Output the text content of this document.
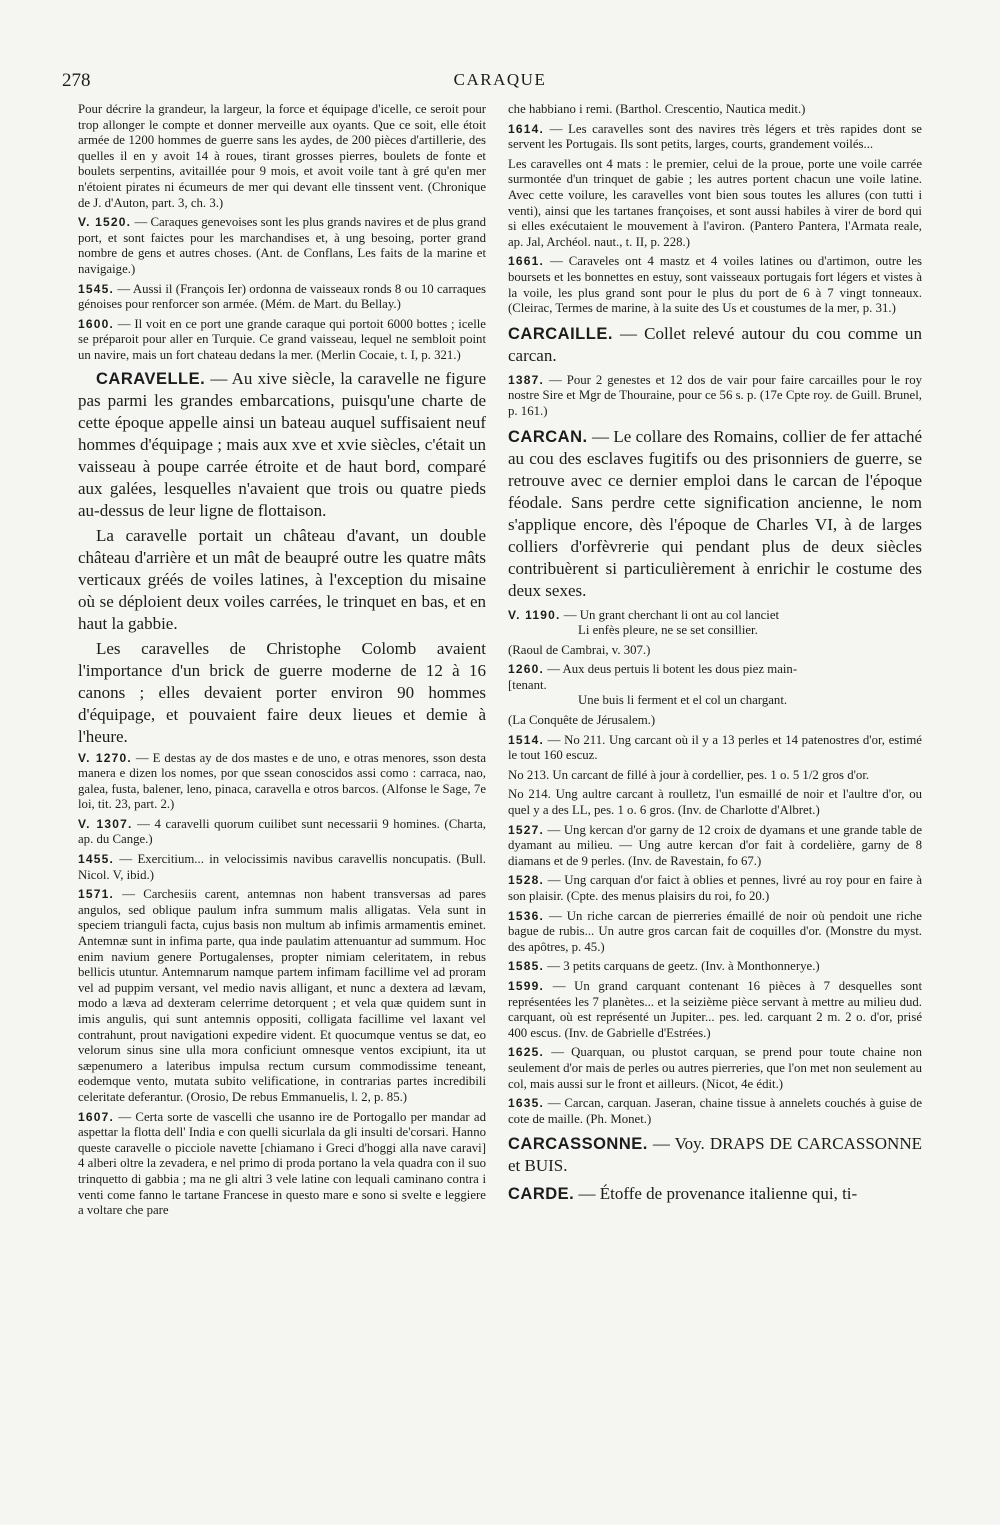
278	CARAQUE

Pour décrire la grandeur, la largeur, la force et équipage d'icelle, ce seroit pour trop allonger le compte et donner merveille aux oyants. Que ce soit, elle étoit armée de 1200 hommes de guerre sans les aydes, de 200 pièces d'artillerie, des quelles il en y avoit 14 à roues, tirant grosses pierres, boulets de fonte et boulets serpentins, avitaillée pour 9 mois, et avoit voile tant à gré qu'en mer n'étoient pirates ni écumeurs de mer qui devant elle tinssent vent. (Chronique de J. d'Auton, part. 3, ch. 3.)

V. 1520. — Caraques genevoises sont les plus grands navires et de plus grand port, et sont faictes pour les marchandises et, à ung besoing, porter grand nombre de gens et autres choses. (Ant. de Conflans, Les faits de la marine et navigaige.)

1545. — Aussi il (François Ier) ordonna de vaisseaux ronds 8 ou 10 carraques génoises pour renforcer son armée. (Mém. de Mart. du Bellay.)

1600. — Il voit en ce port une grande caraque qui portoit 6000 bottes ; icelle se préparoit pour aller en Turquie. Ce grand vaisseau, lequel ne sembloit point un navire, mais un fort chateau dedans la mer. (Merlin Cocaie, t. I, p. 321.)

CARAVELLE. — Au xive siècle, la caravelle ne figure pas parmi les grandes embarcations, puisqu'une charte de cette époque appelle ainsi un bateau auquel suffisaient neuf hommes d'équipage ; mais aux xve et xvie siècles, c'était un vaisseau à poupe carrée étroite et de haut bord, comparé aux galées, lesquelles n'avaient que trois ou quatre pieds au-dessus de leur ligne de flottaison.

La caravelle portait un château d'avant, un double château d'arrière et un mât de beaupré outre les quatre mâts verticaux gréés de voiles latines, à l'exception du misaine où se déploient deux voiles carrées, le trinquet en bas, et en haut la gabbie.

Les caravelles de Christophe Colomb avaient l'importance d'un brick de guerre moderne de 12 à 16 canons ; elles devaient porter environ 90 hommes d'équipage, et pouvaient faire deux lieues et demie à l'heure.

V. 1270. — E destas ay de dos mastes e de uno, e otras menores, sson desta manera e dizen los nomes, por que ssean conoscidos assi como : carraca, nao, galea, fusta, balener, leno, pinaca, caravella e otros barcos. (Alfonse le Sage, 7e loi, tit. 23, part. 2.)

V. 1307. — 4 caravelli quorum cuilibet sunt necessarii 9 homines. (Charta, ap. du Cange.)

1455. — Exercitium... in velocissimis navibus caravellis noncupatis. (Bull. Nicol. V, ibid.)

1571. — Carchesiis carent, antemnas non habent transversas ad pares angulos, sed oblique paulum infra summum malis alligatas. Vela sunt in speciem trianguli facta, cujus basis non multum ab infimis armamentis eminet. Antemnæ sunt in infima parte, qua inde paulatim attenuantur ad summum. Hoc enim navium genere Portugalenses, propter nimiam celeritatem, in rebus bellicis utuntur. Antemnarum namque partem infimam facillime vel ad proram vel ad puppim versant, vel medio navis alligant, et nunc a dextera ad lævam, modo a læva ad dexteram celerrime detorquent ; et vela quæ quidem sunt in imis angulis, qui sunt antemnis oppositi, colligata facillime vel laxant vel contrahunt, prout navigationi expedire vident. Et quocumque ventus se dat, eo velorum sinus sine ulla mora conficiunt omnesque ventos excipiunt, ita ut sæpenumero a lateribus impulsa rectum cursum commodissime teneant, eodemque vento, mutata subito velificatione, in contrarias partes incredibili celeritate deferantur. (Orosio, De rebus Emmanuelis, l. 2, p. 85.)

1607. — Certa sorte de vascelli che usanno ire de Portogallo per mandar ad aspettar la flotta dell' India e con quelli sicurlala da gli insulti de'corsari. Hanno queste caravelle o picciole navette [chiamano i Greci d'hoggi alla nave caravi] 4 alberi oltre la zevadera, e nel primo di proda portano la vela quadra con il suo trinquetto di gabbia ; ma ne gli altri 3 vele latine con lequali caminano contra i venti come fanno le tartane Francese in questo mare e sono si svelte e leggiere a voltare che pare

che habbiano i remi. (Barthol. Crescentio, Nautica medit.)

1614. — Les caravelles sont des navires très légers et très rapides dont se servent les Portugais. Ils sont petits, larges, courts, grandement voilés...

Les caravelles ont 4 mats : le premier, celui de la proue, porte une voile carrée surmontée d'un trinquet de gabie ; les autres portent chacun une voile latine. Avec cette voilure, les caravelles vont bien sous toutes les allures (con tutti i venti), ainsi que les tartanes françoises, et sont aussi habiles à virer de bord qui si elles exécutaient le mouvement à l'aviron. (Pantero Pantera, l'Armata reale, ap. Jal, Archéol. naut., t. II, p. 228.)

1661. — Caraveles ont 4 mastz et 4 voiles latines ou d'artimon, outre les boursets et les bonnettes en estuy, sont vaisseaux portugais fort légers et vistes à la voile, les plus grand sont pour le plus du port de 6 à 7 vingt tonneaux. (Cleirac, Termes de marine, à la suite des Us et coustumes de la mer, p. 31.)

CARCAILLE. — Collet relevé autour du cou comme un carcan.

1387. — Pour 2 genestes et 12 dos de vair pour faire carcailles pour le roy nostre Sire et Mgr de Thouraine, pour ce 56 s. p. (17e Cpte roy. de Guill. Brunel, p. 161.)

CARCAN. — Le collare des Romains, collier de fer attaché au cou des esclaves fugitifs ou des prisonniers de guerre, se retrouve avec ce dernier emploi dans le carcan de l'époque féodale. Sans perdre cette signification ancienne, le nom s'applique encore, dès l'époque de Charles VI, à de larges colliers d'orfèvrerie qui pendant plus de deux siècles contribuèrent si particulièrement à enrichir le costume des deux sexes.

V. 1190. — Un grant cherchant li ont au col lanciet

Li enfès pleure, ne se set consillier.

(Raoul de Cambrai, v. 307.)

1260. — Aux deus pertuis li botent les dous piez main-

[tenant.

Une buis li ferment et el col un chargant.

(La Conquête de Jérusalem.)

1514. — No 211. Ung carcant où il y a 13 perles et 14 patenostres d'or, estimé le tout 160 escuz.

No 213. Un carcant de fillé à jour à cordellier, pes. 1 o. 5 1/2 gros d'or.

No 214. Ung aultre carcant à roulletz, l'un esmaillé de noir et l'aultre d'or, ou quel y a des LL, pes. 1 o. 6 gros. (Inv. de Charlotte d'Albret.)

1527. — Ung kercan d'or garny de 12 croix de dyamans et une grande table de dyamant au milieu. — Ung autre kercan d'or fait à cordelière, garny de 8 diamans et de 9 perles. (Inv. de Ravestain, fo 67.)

1528. — Ung carquan d'or faict à oblies et pennes, livré au roy pour en faire à son plaisir. (Cpte. des menus plaisirs du roi, fo 20.)

1536. — Un riche carcan de pierreries émaillé de noir où pendoit une riche bague de rubis... Un autre gros carcan fait de coquilles d'or. (Monstre du myst. des apôtres, p. 45.)

1585. — 3 petits carquans de geetz. (Inv. à Monthonnerye.)

1599. — Un grand carquant contenant 16 pièces à 7 desquelles sont représentées les 7 planètes... et la seizième pièce servant à mettre au milieu dud. carquant, où est représenté un Jupiter... pes. led. carquant 2 m. 2 o. d'or, prisé 400 escus. (Inv. de Gabrielle d'Estrées.)

1625. — Quarquan, ou plustot carquan, se prend pour toute chaine non seulement d'or mais de perles ou autres pierreries, que l'on met non seulement au col, mais aussi sur le front et ailleurs. (Nicot, 4e édit.)

1635. — Carcan, carquan. Jaseran, chaine tissue à annelets couchés à guise de cote de maille. (Ph. Monet.)

CARCASSONNE. — Voy. DRAPS DE CARCASSONNE et BUIS.

CARDE. — Étoffe de provenance italienne qui, ti-
